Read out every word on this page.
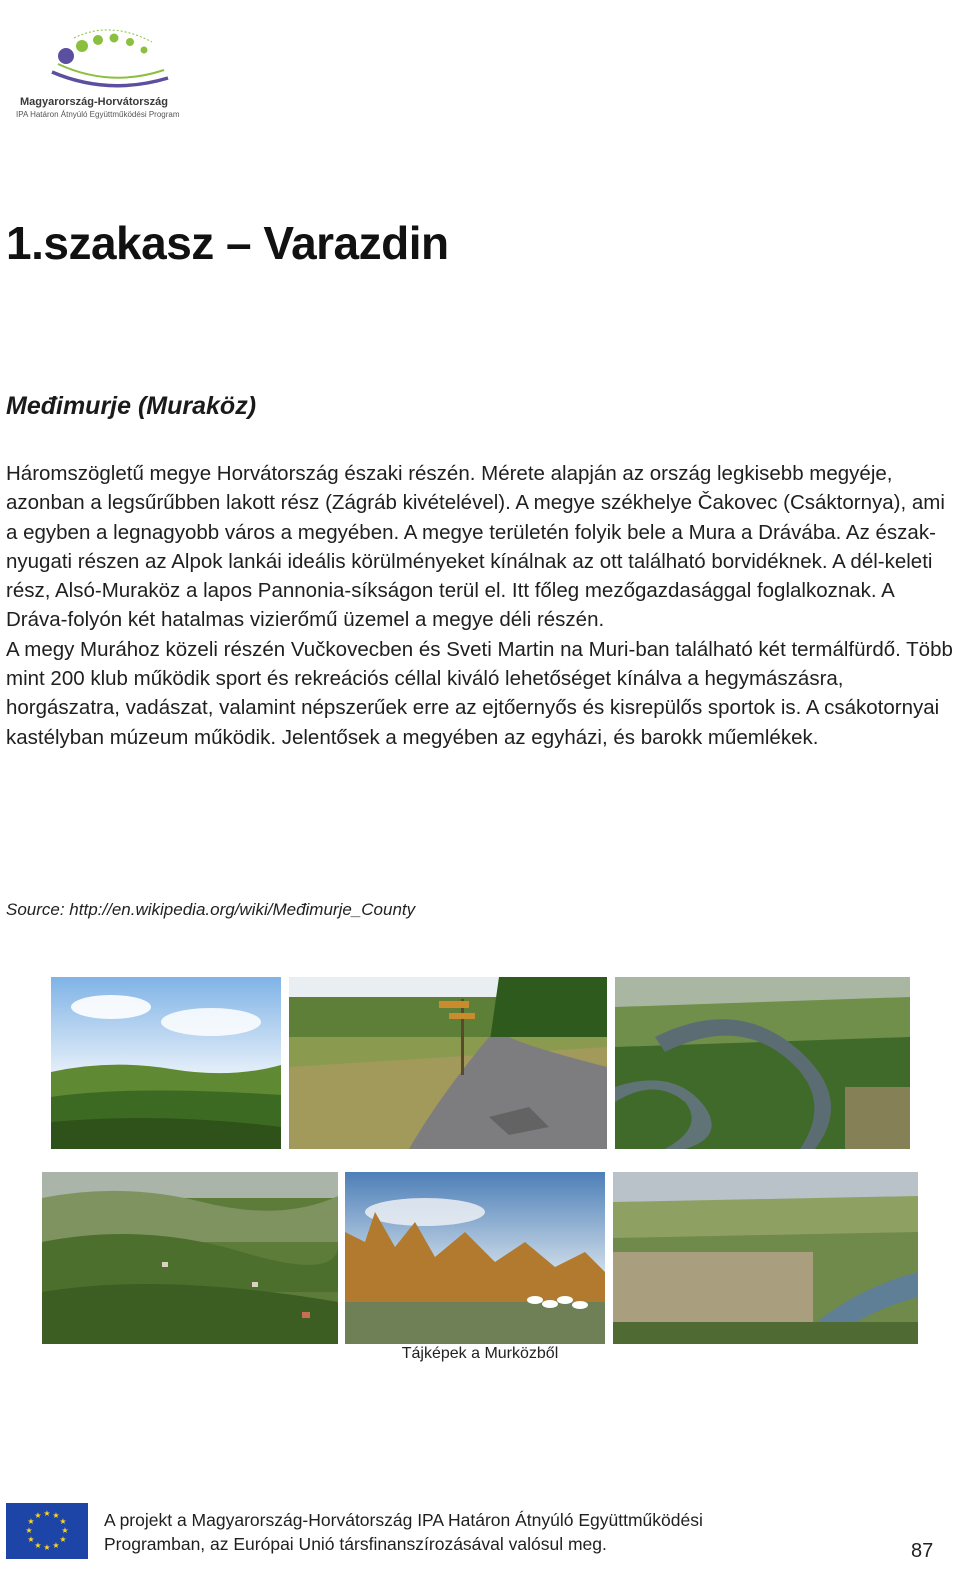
Magyarország-Horvátország
IPA Határon Átnyúló Együttműködési Program
1.szakasz – Varazdin
Međimurje (Muraköz)

Háromszögletű megye Horvátország északi részén. Mérete alapján az ország legkisebb megyéje, azonban a legsűrűbben lakott rész (Zágráb kivételével). A megye székhelye Čakovec (Csáktornya), ami a egyben a legnagyobb város a megyében. A megye területén folyik bele a Mura a Drávába. Az észak-nyugati részen az Alpok lankái ideális körülményeket kínálnak az ott található borvidéknek. A dél-keleti rész, Alsó-Muraköz a lapos Pannonia-síkságon terül el. Itt főleg mezőgazdasággal foglalkoznak. A Dráva-folyón két hatalmas vizierőmű üzemel a megye déli részén.

A megy Murához közeli részén Vučkovecben és Sveti Martin na Muri-ban található két termálfürdő. Több mint 200 klub működik sport és rekreációs céllal kiváló lehetőséget kínálva a hegymászásra, horgászatra, vadászat, valamint népszerűek erre az ejtőernyős és kisrepülős sportok is. A csákotornyai kastélyban múzeum működik. Jelentősek a megyében az egyházi, és barokk műemlékek.

Source: http://en.wikipedia.org/wiki/Međimurje_County
Tájképek a Murközből
★ ★
★
★
★
★
★
★
★
★
★
★	A projekt a Magyarország-Horvátország IPA Határon Átnyúló Együttműködési
Programban, az Európai Unió társfinanszírozásával valósul meg.	87
